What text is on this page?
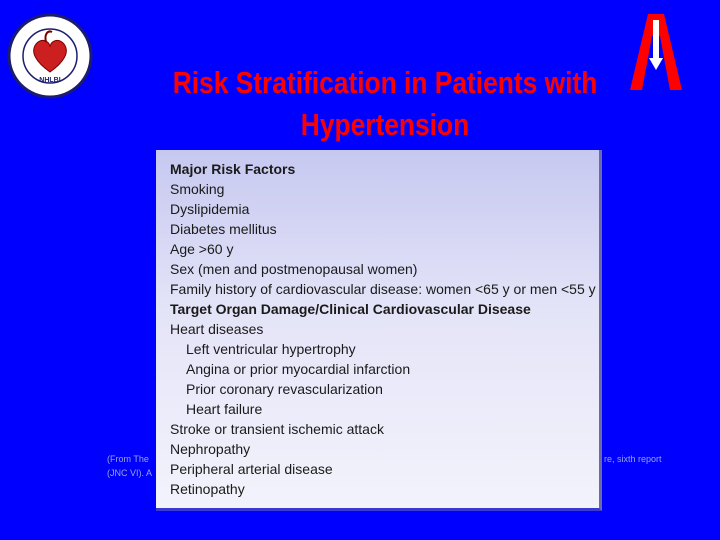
NHLBI	Risk Stratification in Patients with
Hypertension
(From The
(JNC VI). A
re, sixth report
Major Risk Factors
Smoking
Dyslipidemia
Diabetes mellitus
Age >60 y
Sex (men and postmenopausal women)
Family history of cardiovascular disease: women <65 y or men <55 y
Target Organ Damage/Clinical Cardiovascular Disease
Heart diseases
Left ventricular hypertrophy
Angina or prior myocardial infarction
Prior coronary revascularization
Heart failure
Stroke or transient ischemic attack
Nephropathy
Peripheral arterial disease
Retinopathy
